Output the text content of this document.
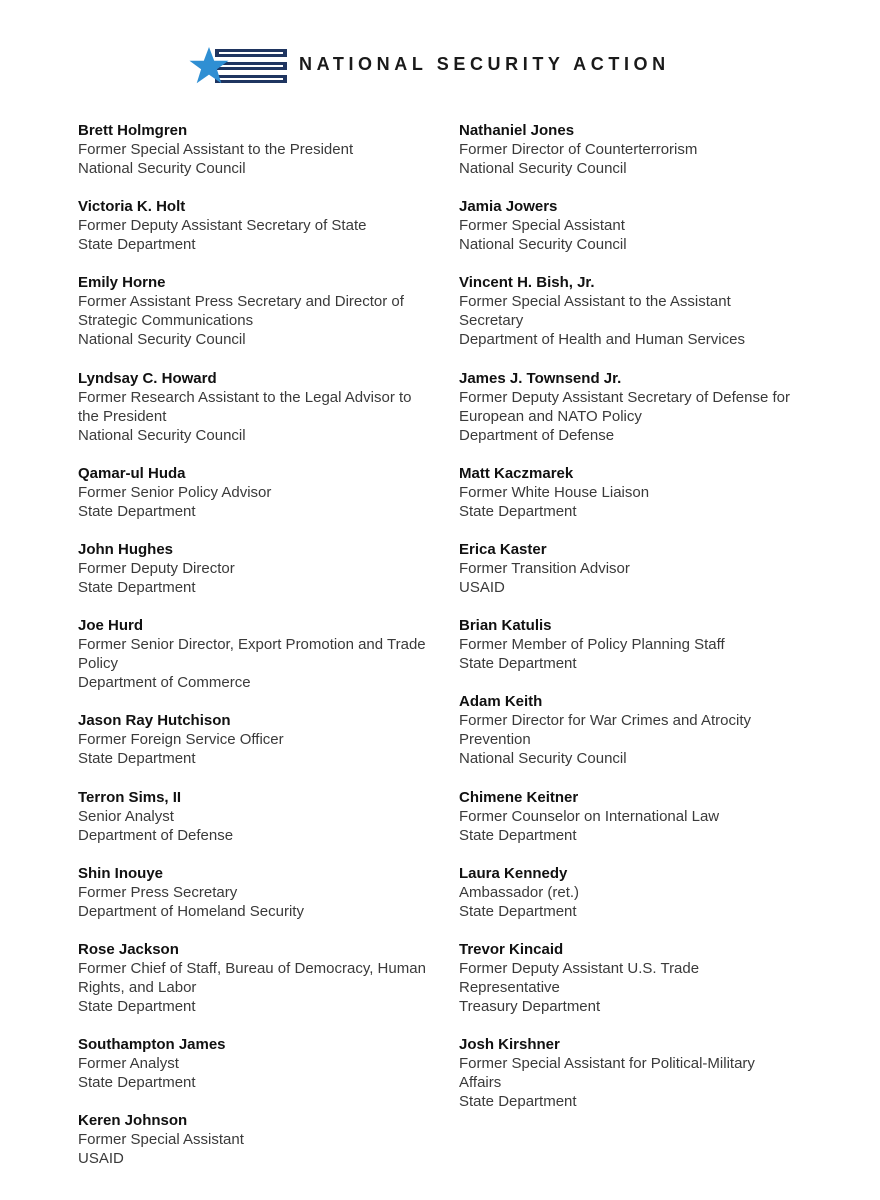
NATIONAL SECURITY ACTION
Brett Holmgren
Former Special Assistant to the President
National Security Council
Victoria K. Holt
Former Deputy Assistant Secretary of State
State Department
Emily Horne
Former Assistant Press Secretary and Director of
Strategic Communications
National Security Council
Lyndsay C. Howard
Former Research Assistant to the Legal Advisor to
the President
National Security Council
Qamar-ul Huda
Former Senior Policy Advisor
State Department
John Hughes
Former Deputy Director
State Department
Joe Hurd
Former Senior Director, Export Promotion and Trade
Policy
Department of Commerce
Jason Ray Hutchison
Former Foreign Service Officer
State Department
Terron Sims, II
Senior Analyst
Department of Defense
Shin Inouye
Former Press Secretary
Department of Homeland Security
Rose Jackson
Former Chief of Staff, Bureau of Democracy, Human
Rights, and Labor
State Department
Southampton James
Former Analyst
State Department
Keren Johnson
Former Special Assistant
USAID
Nathaniel Jones
Former Director of Counterterrorism
National Security Council
Jamia Jowers
Former Special Assistant
National Security Council
Vincent H. Bish, Jr.
Former Special Assistant to the Assistant
Secretary
Department of Health and Human Services
James J. Townsend Jr.
Former Deputy Assistant Secretary of Defense for
European and NATO Policy
Department of Defense
Matt Kaczmarek
Former White House Liaison
State Department
Erica Kaster
Former Transition Advisor
USAID
Brian Katulis
Former Member of Policy Planning Staff
State Department
Adam Keith
Former Director for War Crimes and Atrocity
Prevention
National Security Council
Chimene Keitner
Former Counselor on International Law
State Department
Laura Kennedy
Ambassador (ret.)
State Department
Trevor Kincaid
Former Deputy Assistant U.S. Trade
Representative
Treasury Department
Josh Kirshner
Former Special Assistant for Political-Military
Affairs
State Department
